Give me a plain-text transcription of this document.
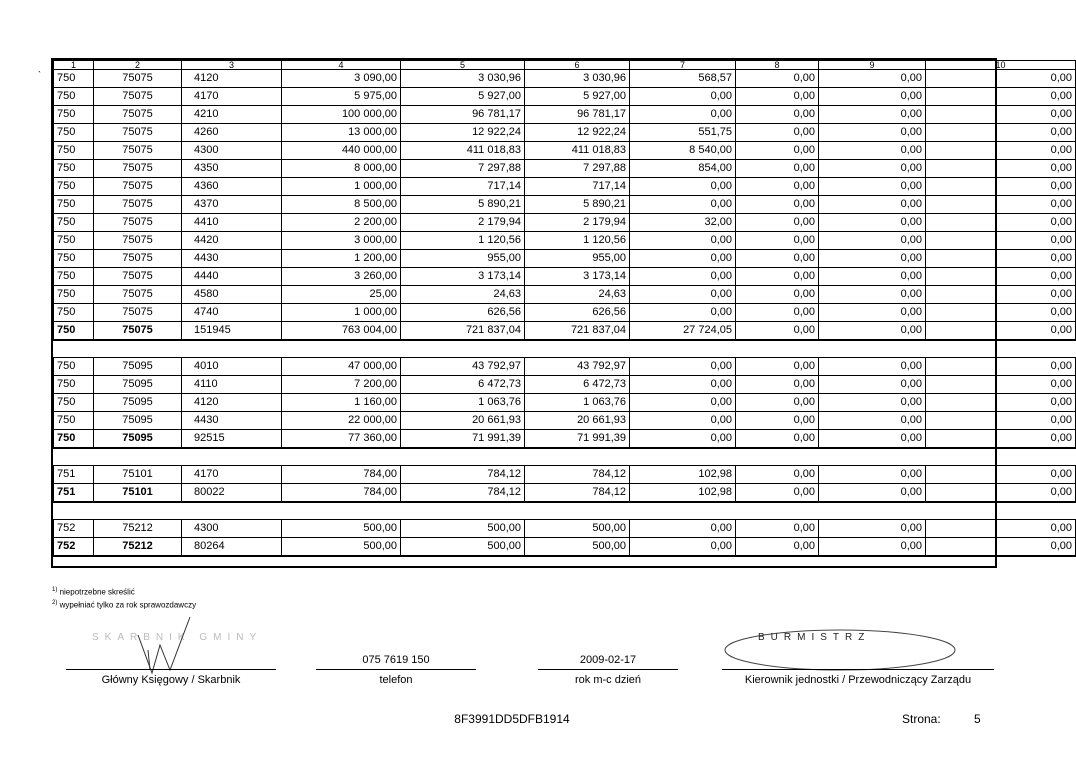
`
1	2	3	4	5	6	7	8	9	10
750	75075	4120	3 090,00	3 030,96	3 030,96	568,57	0,00	0,00	0,00
750	75075	4170	5 975,00	5 927,00	5 927,00	0,00	0,00	0,00	0,00
750	75075	4210	100 000,00	96 781,17	96 781,17	0,00	0,00	0,00	0,00
750	75075	4260	13 000,00	12 922,24	12 922,24	551,75	0,00	0,00	0,00
750	75075	4300	440 000,00	411 018,83	411 018,83	8 540,00	0,00	0,00	0,00
750	75075	4350	8 000,00	7 297,88	7 297,88	854,00	0,00	0,00	0,00
750	75075	4360	1 000,00	717,14	717,14	0,00	0,00	0,00	0,00
750	75075	4370	8 500,00	5 890,21	5 890,21	0,00	0,00	0,00	0,00
750	75075	4410	2 200,00	2 179,94	2 179,94	32,00	0,00	0,00	0,00
750	75075	4420	3 000,00	1 120,56	1 120,56	0,00	0,00	0,00	0,00
750	75075	4430	1 200,00	955,00	955,00	0,00	0,00	0,00	0,00
750	75075	4440	3 260,00	3 173,14	3 173,14	0,00	0,00	0,00	0,00
750	75075	4580	25,00	24,63	24,63	0,00	0,00	0,00	0,00
750	75075	4740	1 000,00	626,56	626,56	0,00	0,00	0,00	0,00
750	75075	151945	763 004,00	721 837,04	721 837,04	27 724,05	0,00	0,00	0,00

750	75095	4010	47 000,00	43 792,97	43 792,97	0,00	0,00	0,00	0,00
750	75095	4110	7 200,00	6 472,73	6 472,73	0,00	0,00	0,00	0,00
750	75095	4120	1 160,00	1 063,76	1 063,76	0,00	0,00	0,00	0,00
750	75095	4430	22 000,00	20 661,93	20 661,93	0,00	0,00	0,00	0,00
750	75095	92515	77 360,00	71 991,39	71 991,39	0,00	0,00	0,00	0,00

751	75101	4170	784,00	784,12	784,12	102,98	0,00	0,00	0,00
751	75101	80022	784,00	784,12	784,12	102,98	0,00	0,00	0,00

752	75212	4300	500,00	500,00	500,00	0,00	0,00	0,00	0,00
752	75212	80264	500,00	500,00	500,00	0,00	0,00	0,00	0,00
$^{1)}$ niepotrzebne skreślić
$^{2)}$ wypełniać tylko za rok sprawozdawczy
SKARBNIK GMINY
Główny Księgowy / Skarbnik
075 7619 150
telefon
2009-02-17
rok m-c dzień
BURMISTRZ
Kierownik jednostki / Przewodniczący Zarządu
8F3991DD5DFB1914	Strona:	5
